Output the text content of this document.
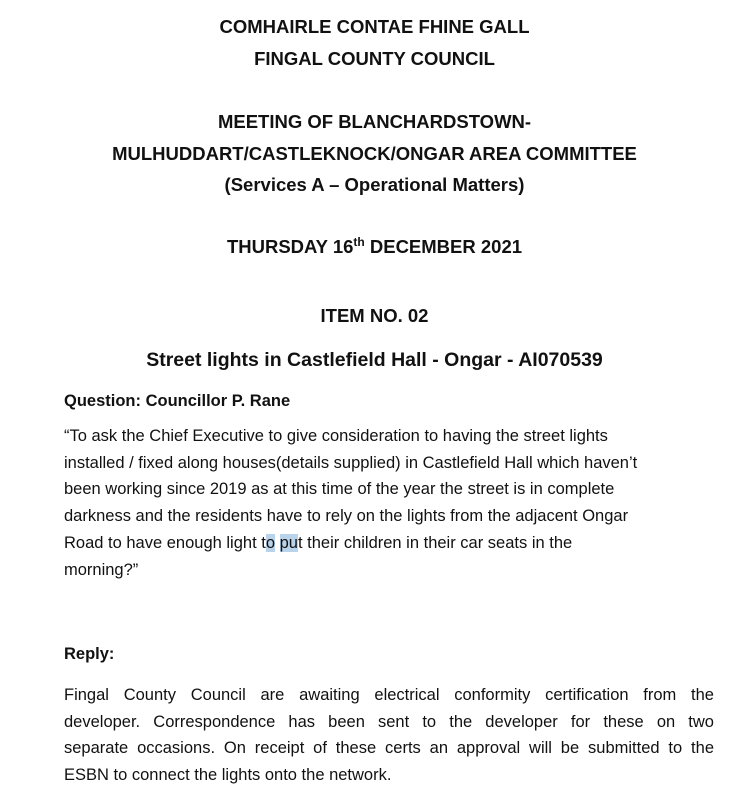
COMHAIRLE CONTAE FHINE GALL
FINGAL COUNTY COUNCIL
MEETING OF BLANCHARDSTOWN-
MULHUDDART/CASTLEKNOCK/ONGAR AREA COMMITTEE
(Services A – Operational Matters)
THURSDAY 16th DECEMBER 2021
ITEM NO. 02
Street lights in Castlefield Hall - Ongar - AI070539
Question: Councillor P. Rane
“To ask the Chief Executive to give consideration to having the street lights
installed / fixed along houses(details supplied) in Castlefield Hall which haven’t
been working since 2019 as at this time of the year the street is in complete
darkness and the residents have to rely on the lights from the adjacent Ongar
Road to have enough light to put their children in their car seats in the
morning?”
Reply:
Fingal County Council are awaiting electrical conformity certification from the
developer. Correspondence has been sent to the developer for these on two
separate occasions. On receipt of these certs an approval will be submitted to the
ESBN to connect the lights onto the network.
